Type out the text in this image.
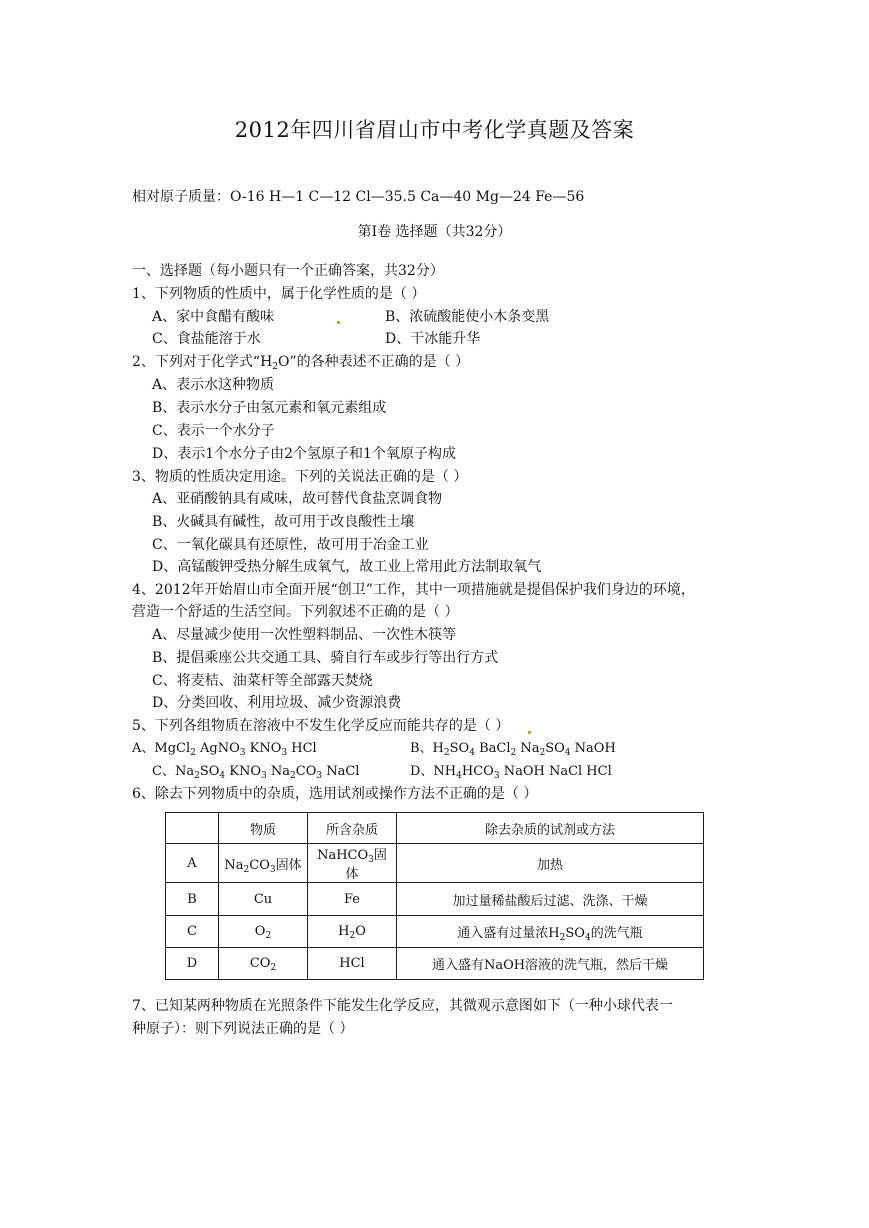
2012年四川省眉山市中考化学真题及答案
相对原子质量：O-16 H—1 C—12 Cl—35.5 Ca—40 Mg—24 Fe—56
第Ⅰ卷 选择题（共32分）
一、选择题（每小题只有一个正确答案，共32分）
1、下列物质的性质中，属于化学性质的是（ ）
A、家中食醋有酸味	B、浓硫酸能使小木条变黑
C、食盐能溶于水	D、干冰能升华
2、下列对于化学式“$H_2O$”的各种表述不正确的是（ ）
A、表示水这种物质
B、表示水分子由氢元素和氧元素组成
C、表示一个水分子
D、表示1个水分子由2个氢原子和1个氧原子构成
3、物质的性质决定用途。下列的关说法正确的是（ ）
A、亚硝酸钠具有咸味，故可替代食盐烹调食物
B、火碱具有碱性，故可用于改良酸性土壤
C、一氧化碳具有还原性，故可用于冶金工业
D、高锰酸钾受热分解生成氧气，故工业上常用此方法制取氧气
4、2012年开始眉山市全面开展“创卫”工作，其中一项措施就是提倡保护我们身边的环境，
营造一个舒适的生活空间。下列叙述不正确的是（ ）
A、尽量减少使用一次性塑料制品、一次性木筷等
B、提倡乘座公共交通工具、骑自行车或步行等出行方式
C、将麦桔、油菜杆等全部露天焚烧
D、分类回收、利用垃圾、减少资源浪费
5、下列各组物质在溶液中不发生化学反应而能共存的是（ ）
A、MgCl$_2$ AgNO$_3$ $KNO_3$ HCl	B、$H_2SO_4$ BaCl$_2$ $Na_2SO_4$ NaOH
C、$Na_2SO_4$ $KNO_3$ $Na_2CO_3$ NaCl	D、$NH_4HCO_3$ NaOH NaCl HCl
6、除去下列物质中的杂质，选用试剂或操作方法不正确的是（ ）
	物质	所含杂质	除去杂质的试剂或方法
A	$Na_2CO_3$固体	NaHCO$_3$固体	加热
B	Cu	Fe	加过量稀盐酸后过滤、洗涤、干燥
C	$O_2$	$H_2O$	通入盛有过量浓$H_2SO_4$的洗气瓶
D	$CO_2$	HCl	通入盛有NaOH溶液的洗气瓶，然后干燥
7、已知某两种物质在光照条件下能发生化学反应，其微观示意图如下（一种小球代表一
种原子）：则下列说法正确的是（ ）
